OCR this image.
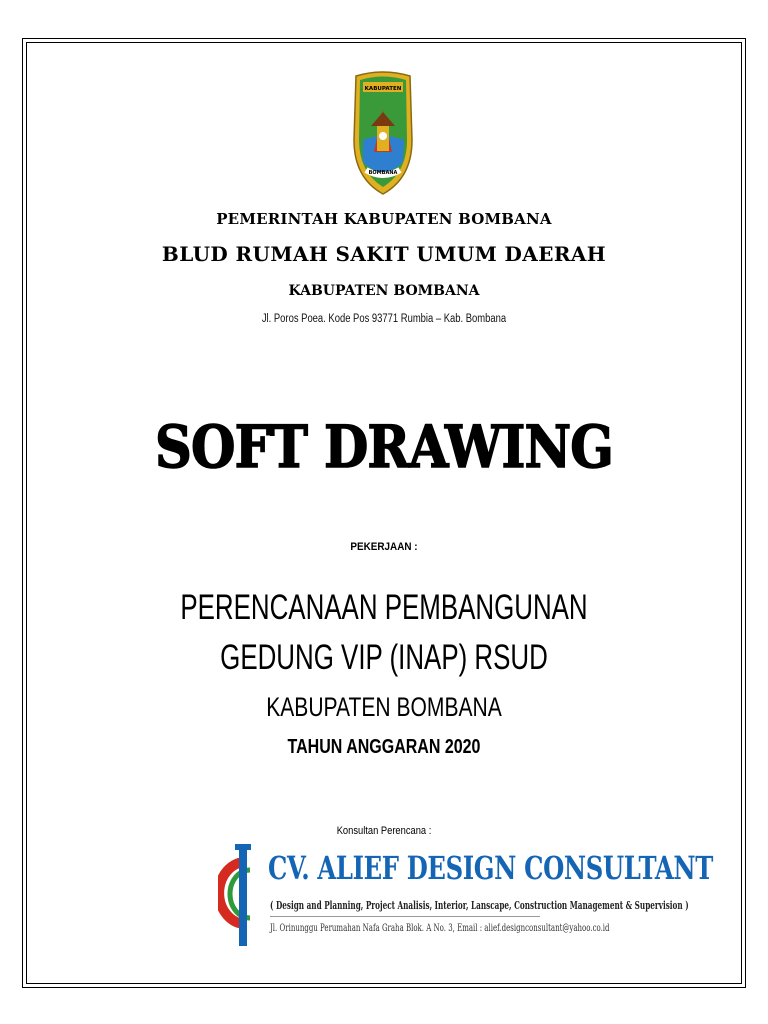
KABUPATEN
BOMBANA
PEMERINTAH KABUPATEN BOMBANA
BLUD RUMAH SAKIT UMUM DAERAH
KABUPATEN BOMBANA
Jl. Poros Poea. Kode Pos 93771 Rumbia – Kab. Bombana
SOFT DRAWING
PEKERJAAN :
PERENCANAAN PEMBANGUNAN
GEDUNG VIP (INAP) RSUD
KABUPATEN BOMBANA
TAHUN ANGGARAN 2020
Konsultan Perencana :
CV. ALIEF DESIGN CONSULTANT
( Design and Planning, Project Analisis, Interior, Lanscape, Construction Management & Supervision )
Jl. Orinunggu Perumahan Nafa Graha Blok. A No. 3, Email : alief.designconsultant@yahoo.co.id
